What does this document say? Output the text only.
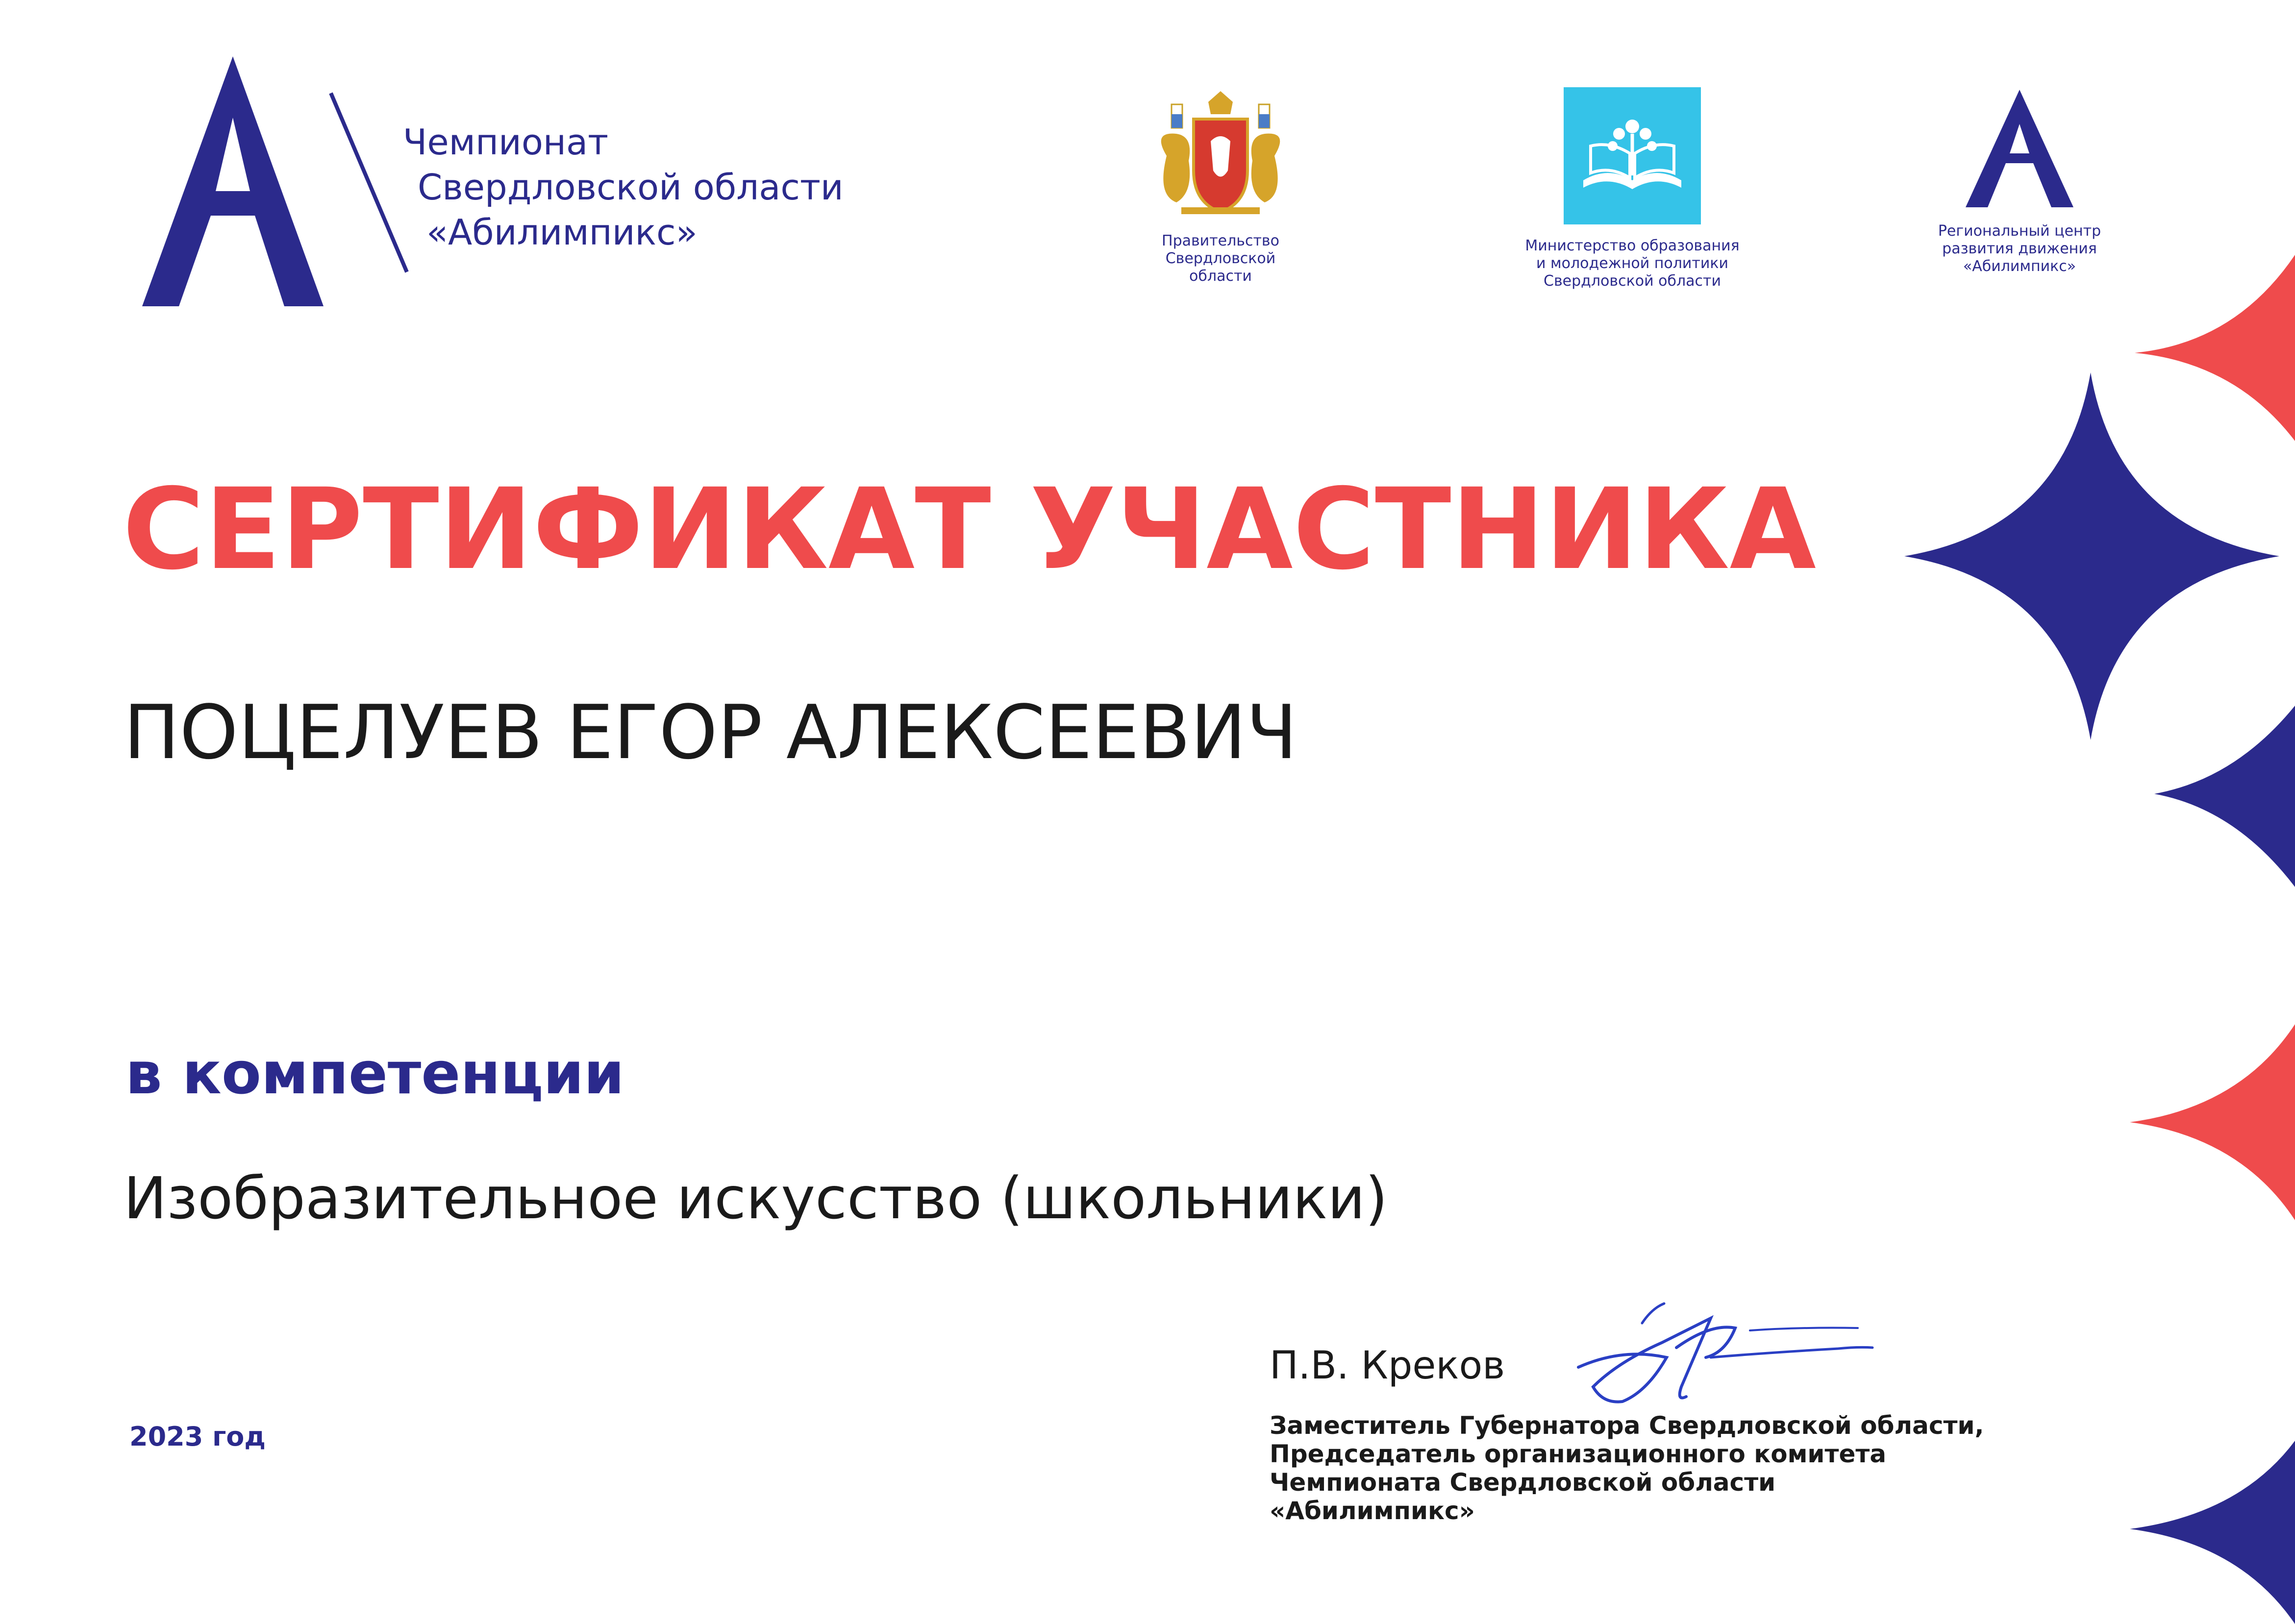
Чемпионат
Свердловской области
«Абилимпикс»	Правительство
Свердловской
области
Министерство образования
и молодежной политики
Свердловской области
Региональный центр
развития движения
«Абилимпикс»
СЕРТИФИКАТ УЧАСТНИКА
ПОЦЕЛУЕВ ЕГОР АЛЕКСЕЕВИЧ
в компетенции
Изобразительное искусство (школьники)
П.В. Креков
Заместитель Губернатора Свердловской области,
Председатель организационного комитета
Чемпионата Свердловской области
«Абилимпикс»
2023 год
